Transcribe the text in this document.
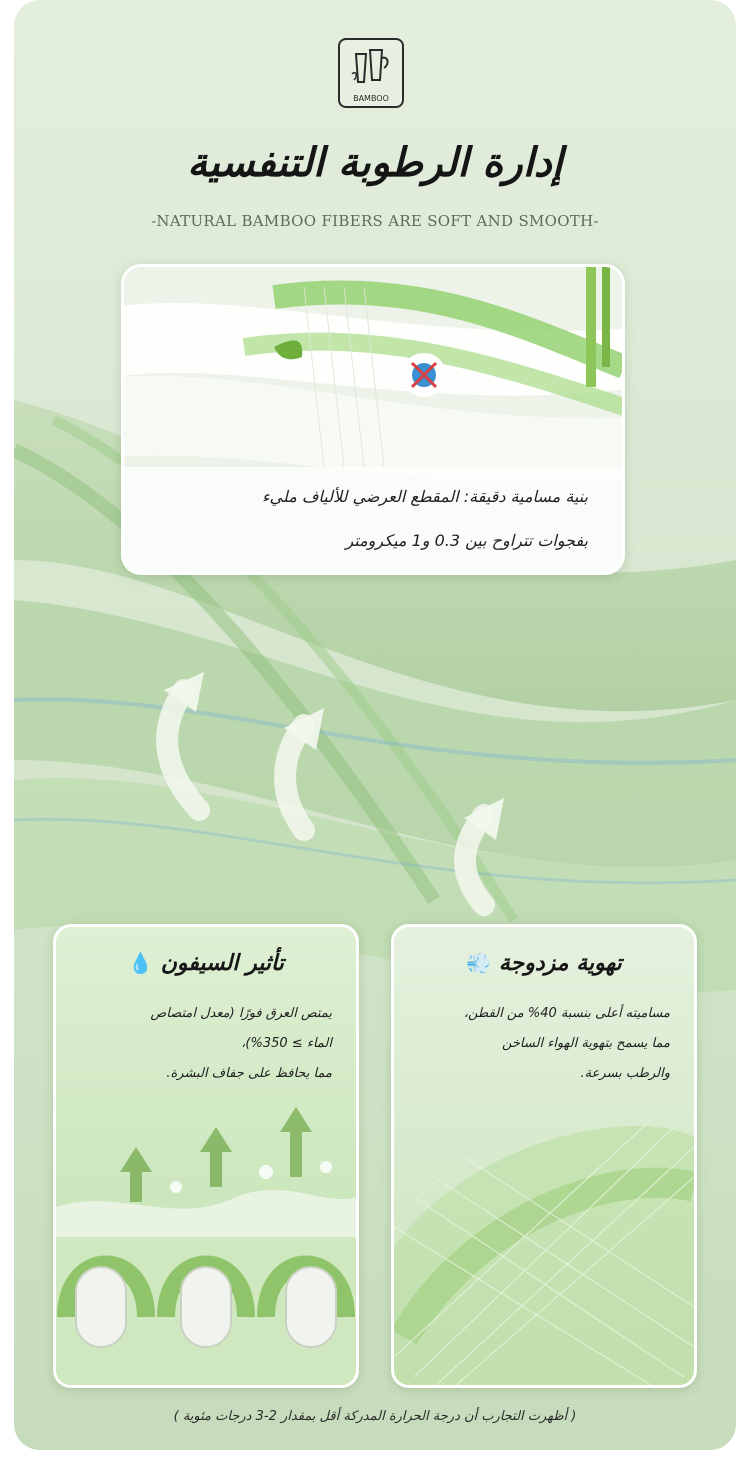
BAMBOO
إدارة الرطوبة التنفسية
-NATURAL BAMBOO FIBERS ARE SOFT AND SMOOTH-
بنية مسامية دقيقة: المقطع العرضي للألياف مليء
بفجوات تتراوح بين 0.3 و1 ميكرومتر
تأثير السيفون 💧
يمتص العرق فورًا (معدل امتصاص
الماء ≥ 350%)،
مما يحافظ على جفاف البشرة.
تهوية مزدوجة 💨
مساميته أعلى بنسبة 40% من القطن،
مما يسمح بتهوية الهواء الساخن
والرطب بسرعة.
( أظهرت التجارب أن درجة الحرارة المدركة أقل بمقدار 2-3 درجات مئوية )
